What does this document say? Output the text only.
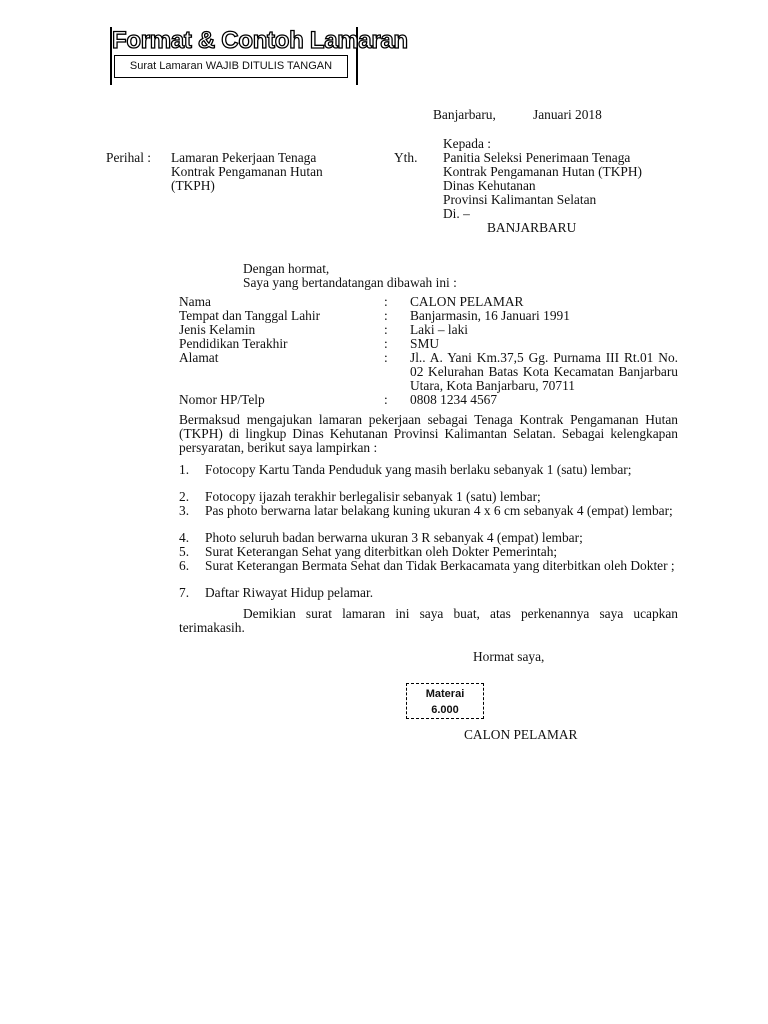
Format & Contoh Lamaran
Surat Lamaran WAJIB DITULIS TANGAN
Banjarbaru,	Januari 2018
Kepada :
Perihal : Lamaran Pekerjaan Tenaga
Kontrak Pengamanan Hutan
(TKPH)
Yth. Panitia Seleksi Penerimaan Tenaga
Kontrak Pengamanan Hutan (TKPH)
Dinas Kehutanan
Provinsi Kalimantan Selatan
Di. –
BANJARBARU
Dengan hormat,
Saya yang bertandatangan dibawah ini :
Nama	: CALON PELAMAR
Tempat dan Tanggal Lahir	: Banjarmasin, 16 Januari 1991
Jenis Kelamin	: Laki – laki
Pendidikan Terakhir	: SMU
Alamat	: Jl.. A. Yani Km.37,5 Gg. Purnama III Rt.01 No. 02 Kelurahan Batas Kota Kecamatan Banjarbaru Utara, Kota Banjarbaru, 70711
Nomor HP/Telp	: 0808 1234 4567
Bermaksud mengajukan lamaran pekerjaan sebagai Tenaga Kontrak Pengamanan Hutan (TKPH) di lingkup Dinas Kehutanan Provinsi Kalimantan Selatan. Sebagai kelengkapan persyaratan, berikut saya lampirkan :
1. Fotocopy Kartu Tanda Penduduk yang masih berlaku sebanyak 1 (satu) lembar;
2. Fotocopy ijazah terakhir berlegalisir sebanyak 1 (satu) lembar;
3. Pas photo berwarna latar belakang kuning ukuran 4 x 6 cm sebanyak 4 (empat) lembar;
4. Photo seluruh badan berwarna ukuran 3 R sebanyak 4 (empat) lembar;
5. Surat Keterangan Sehat yang diterbitkan oleh Dokter Pemerintah;
6. Surat Keterangan Bermata Sehat dan Tidak Berkacamata yang diterbitkan oleh Dokter ;
7. Daftar Riwayat Hidup pelamar.
Demikian surat lamaran ini saya buat, atas perkenannya saya ucapkan terimakasih.
Hormat saya,
Materai
6.000
CALON PELAMAR
